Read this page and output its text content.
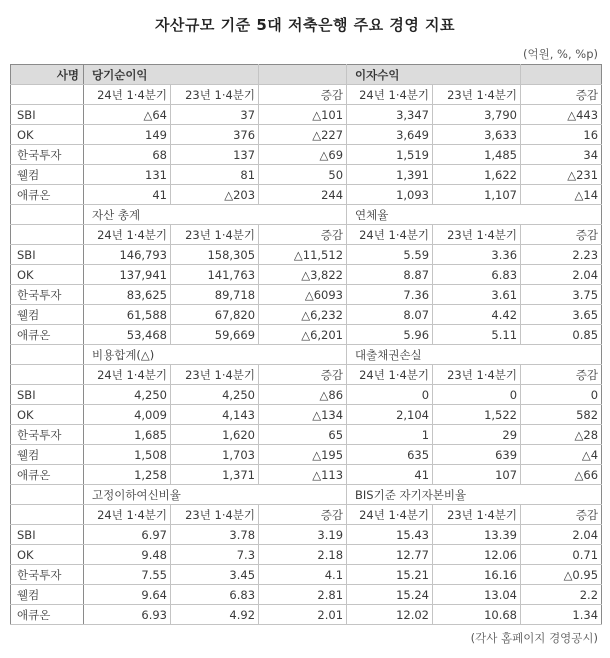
자산규모 기준 5대 저축은행 주요 경영 지표
(억원, %, %p)
사명	당기순이익			이자수익		
	24년 1·4분기	23년 1·4분기	증감	24년 1·4분기	23년 1·4분기	증감
SBI	△64	37	△101	3,347	3,790	△443
OK	149	376	△227	3,649	3,633	16
한국투자	68	137	△69	1,519	1,485	34
웰컴	131	81	50	1,391	1,622	△231
애큐온	41	△203	244	1,093	1,107	△14
	자산 총계			연체율		
	24년 1·4분기	23년 1·4분기	증감	24년 1·4분기	23년 1·4분기	증감
SBI	146,793	158,305	△11,512	5.59	3.36	2.23
OK	137,941	141,763	△3,822	8.87	6.83	2.04
한국투자	83,625	89,718	△6093	7.36	3.61	3.75
웰컴	61,588	67,820	△6,232	8.07	4.42	3.65
애큐온	53,468	59,669	△6,201	5.96	5.11	0.85
	비용합계(△)			대출채권손실		
	24년 1·4분기	23년 1·4분기	증감	24년 1·4분기	23년 1·4분기	증감
SBI	4,250	4,250	△86	0	0	0
OK	4,009	4,143	△134	2,104	1,522	582
한국투자	1,685	1,620	65	1	29	△28
웰컴	1,508	1,703	△195	635	639	△4
애큐온	1,258	1,371	△113	41	107	△66
	고정이하여신비율			BIS기준 자기자본비율		
	24년 1·4분기	23년 1·4분기	증감	24년 1·4분기	23년 1·4분기	증감
SBI	6.97	3.78	3.19	15.43	13.39	2.04
OK	9.48	7.3	2.18	12.77	12.06	0.71
한국투자	7.55	3.45	4.1	15.21	16.16	△0.95
웰컴	9.64	6.83	2.81	15.24	13.04	2.2
애큐온	6.93	4.92	2.01	12.02	10.68	1.34
(각사 홈페이지 경영공시)
